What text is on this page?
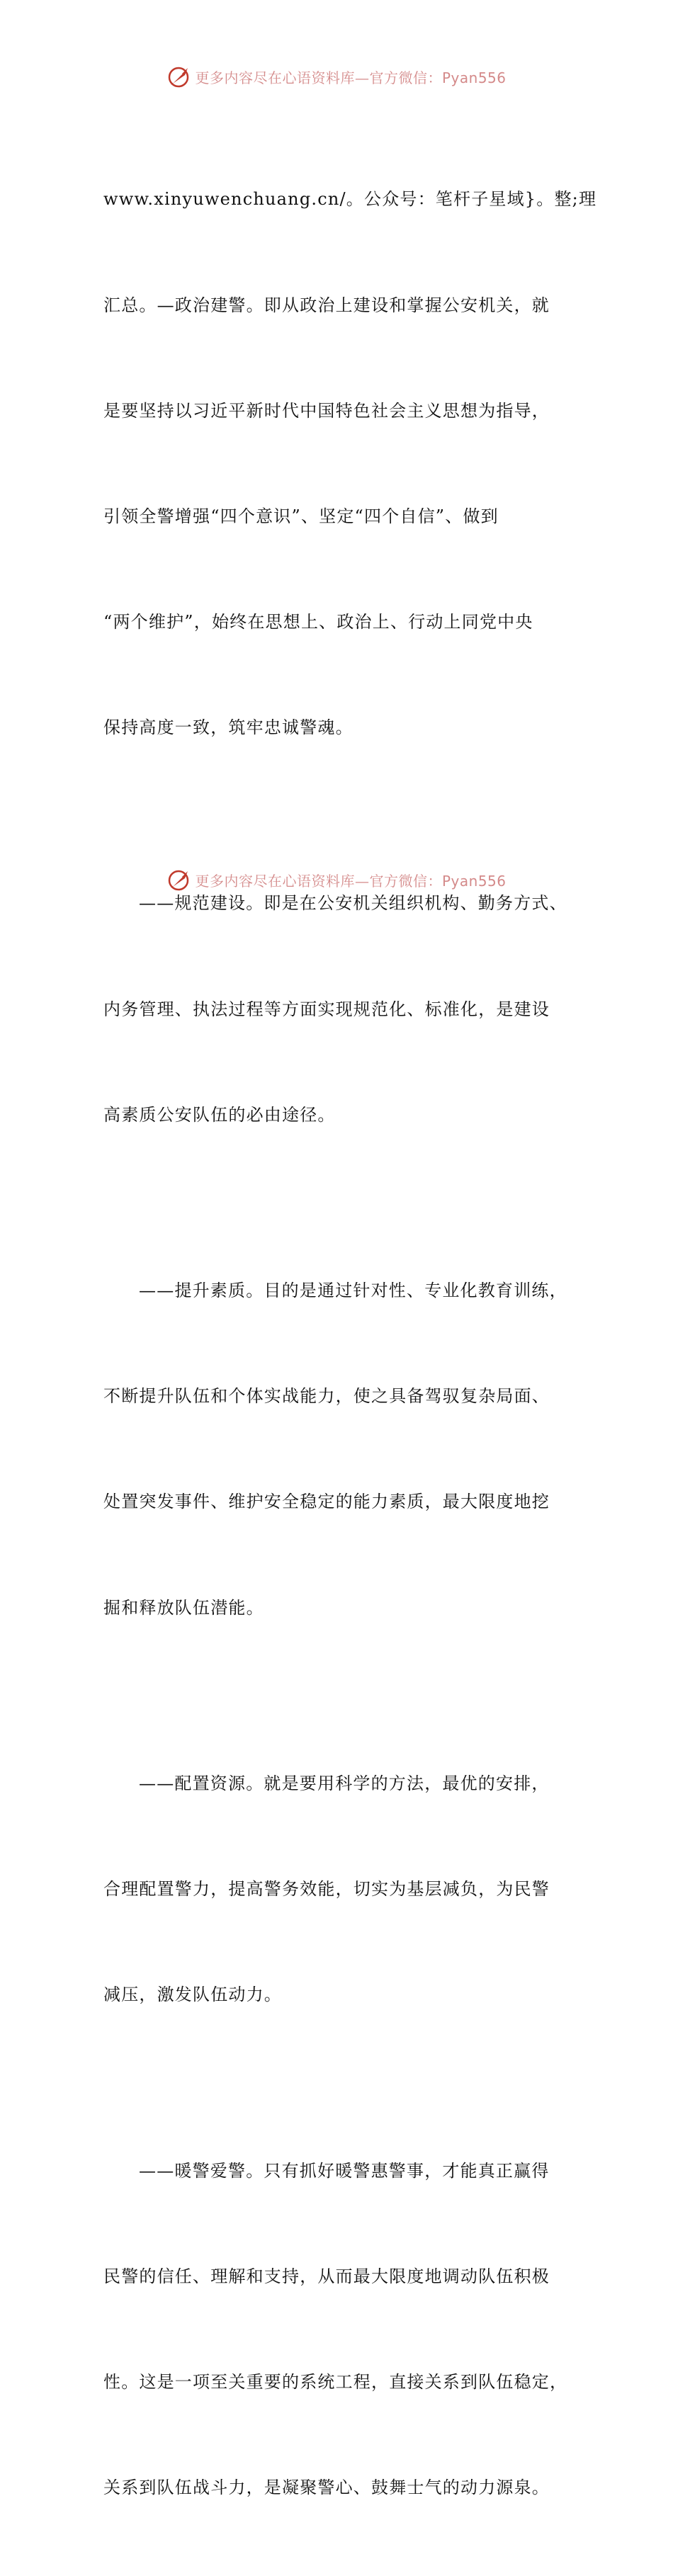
更多内容尽在心语资料库—官方微信：Pyan556

www.xinyuwenchuang.cn/。公众号：笔杆子星域}。整;理

汇总。—政治建警。即从政治上建设和掌握公安机关，就

是要坚持以习近平新时代中国特色社会主义思想为指导，

引领全警增强“四个意识”、坚定“四个自信”、做到

“两个维护”，始终在思想上、政治上、行动上同党中央

保持高度一致，筑牢忠诚警魂。

——规范建设。即是在公安机关组织机构、勤务方式、

内务管理、执法过程等方面实现规范化、标准化，是建设

高素质公安队伍的必由途径。

——提升素质。目的是通过针对性、专业化教育训练，

不断提升队伍和个体实战能力，使之具备驾驭复杂局面、

处置突发事件、维护安全稳定的能力素质，最大限度地挖

掘和释放队伍潜能。

——配置资源。就是要用科学的方法，最优的安排，

合理配置警力，提高警务效能，切实为基层减负，为民警

减压，激发队伍动力。

——暖警爱警。只有抓好暖警惠警事，才能真正赢得

民警的信任、理解和支持，从而最大限度地调动队伍积极

性。这是一项至关重要的系统工程，直接关系到队伍稳定，

关系到队伍战斗力，是凝聚警心、鼓舞士气的动力源泉。

更多内容尽在心语资料库—官方微信：Pyan556
